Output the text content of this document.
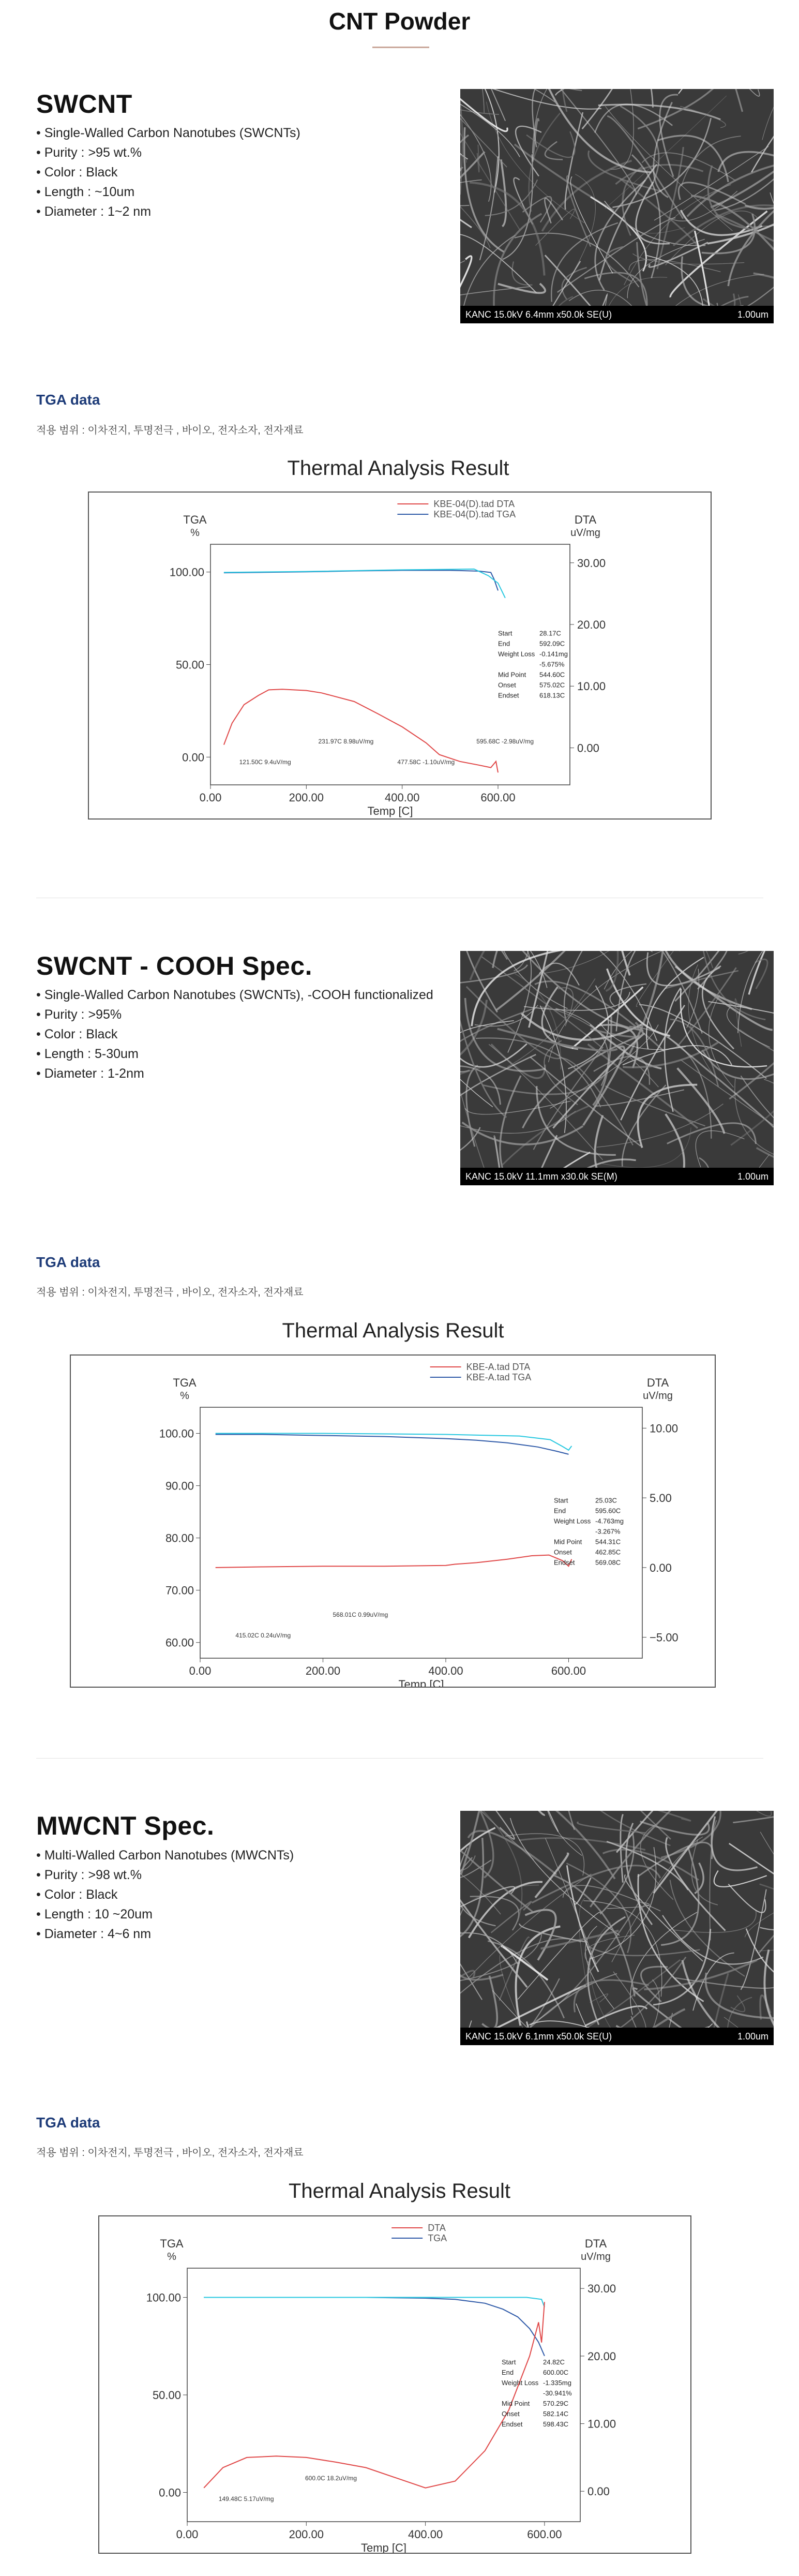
CNT Powder
SWCNT
• Single-Walled Carbon Nanotubes (SWCNTs)
• Purity : >95 wt.%
• Color : Black
• Length : ~10um
• Diameter : 1~2 nm
KANC 15.0kV 6.4mm x50.0k SE(U)	1.00um
TGA data
적용 범위 : 이차전지, 투명전극 , 바이오, 전자소자, 전자재료
Thermal Analysis Result
0.00	200.00	400.00	600.00
Temp [C]
100.00
50.00
0.00
TGA
%
30.00
20.00
10.00
0.00
DTA
uV/mg
KBE-04(D).tad DTA
KBE-04(D).tad TGA
Start	28.17C
End	592.09C
Weight Loss -0.141mg
-5.675%
Mid Point 544.60C
Onset	575.02C
Endset	618.13C
121.50C 9.4uV/mg
231.97C 8.98uV/mg
477.58C -1.10uV/mg
595.68C -2.98uV/mg
SWCNT - COOH Spec.
• Single-Walled Carbon Nanotubes (SWCNTs), -COOH functionalized
• Purity : >95%
• Color : Black
• Length : 5-30um
• Diameter : 1-2nm
KANC 15.0kV 11.1mm x30.0k SE(M)	1.00um
TGA data
적용 범위 : 이차전지, 투명전극 , 바이오, 전자소자, 전자재료
Thermal Analysis Result
0.00	200.00	400.00	600.00
Temp [C]
100.00
90.00
80.00
70.00
60.00
TGA
%
10.00
5.00
0.00
−5.00
DTA
uV/mg
KBE-A.tad DTA
KBE-A.tad TGA
Start	25.03C
End	595.60C
Weight Loss -4.763mg
-3.267%
Mid Point 544.31C
Onset	462.85C
Endset	569.08C
415.02C 0.24uV/mg
568.01C 0.99uV/mg
MWCNT Spec.
• Multi-Walled Carbon Nanotubes (MWCNTs)
• Purity : >98 wt.%
• Color : Black
• Length : 10 ~20um
• Diameter : 4~6 nm
KANC 15.0kV 6.1mm x50.0k SE(U)	1.00um
TGA data
적용 범위 : 이차전지, 투명전극 , 바이오, 전자소자, 전자재료
Thermal Analysis Result
0.00	200.00	400.00	600.00
Temp [C]
100.00
50.00
0.00
TGA
%
30.00
20.00
10.00
0.00
DTA
uV/mg
DTA
TGA
Start	24.82C
End	600.00C
Weight Loss -1.335mg
-30.941%
Mid Point 570.29C
Onset	582.14C
Endset	598.43C
149.48C 5.17uV/mg
600.0C 18.2uV/mg
